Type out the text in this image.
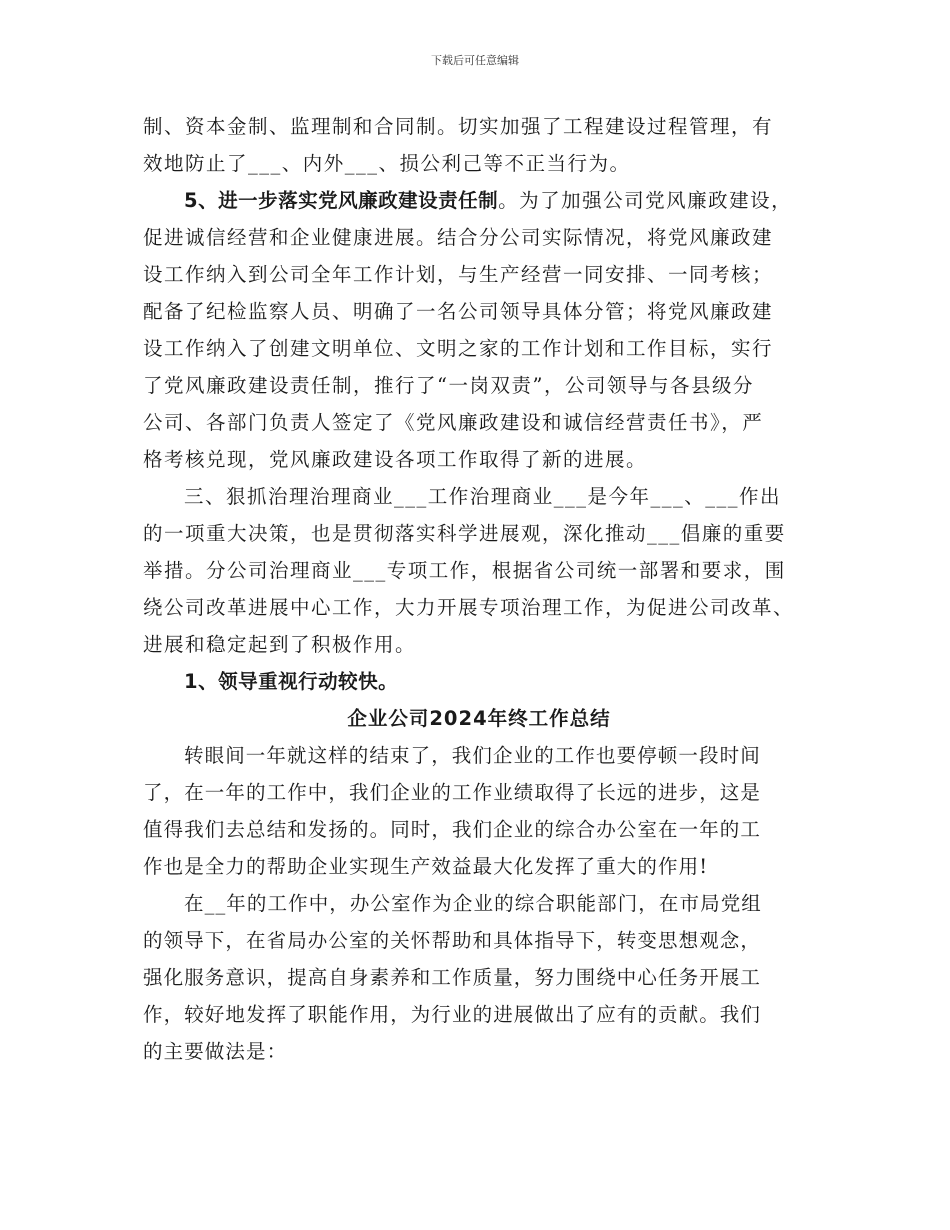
下载后可任意编辑
制、资本金制、监理制和合同制。切实加强了工程建设过程管理，有
效地防止了___、内外___、损公利己等不正当行为。
5、进一步落实党风廉政建设责任制。为了加强公司党风廉政建设，
促进诚信经营和企业健康进展。结合分公司实际情况，将党风廉政建
设工作纳入到公司全年工作计划，与生产经营一同安排、一同考核；
配备了纪检监察人员、明确了一名公司领导具体分管；将党风廉政建
设工作纳入了创建文明单位、文明之家的工作计划和工作目标，实行
了党风廉政建设责任制，推行了“一岗双责”，公司领导与各县级分
公司、各部门负责人签定了《党风廉政建设和诚信经营责任书》，严
格考核兑现，党风廉政建设各项工作取得了新的进展。
三、狠抓治理治理商业___工作治理商业___是今年___、___作出
的一项重大决策，也是贯彻落实科学进展观，深化推动___倡廉的重要
举措。分公司治理商业___专项工作，根据省公司统一部署和要求，围
绕公司改革进展中心工作，大力开展专项治理工作，为促进公司改革、
进展和稳定起到了积极作用。
1、领导重视行动较快。
企业公司2024年终工作总结
转眼间一年就这样的结束了，我们企业的工作也要停顿一段时间
了，在一年的工作中，我们企业的工作业绩取得了长远的进步，这是
值得我们去总结和发扬的。同时，我们企业的综合办公室在一年的工
作也是全力的帮助企业实现生产效益最大化发挥了重大的作用!
在__年的工作中，办公室作为企业的综合职能部门，在市局党组
的领导下，在省局办公室的关怀帮助和具体指导下，转变思想观念，
强化服务意识，提高自身素养和工作质量，努力围绕中心任务开展工
作，较好地发挥了职能作用，为行业的进展做出了应有的贡献。我们
的主要做法是：
